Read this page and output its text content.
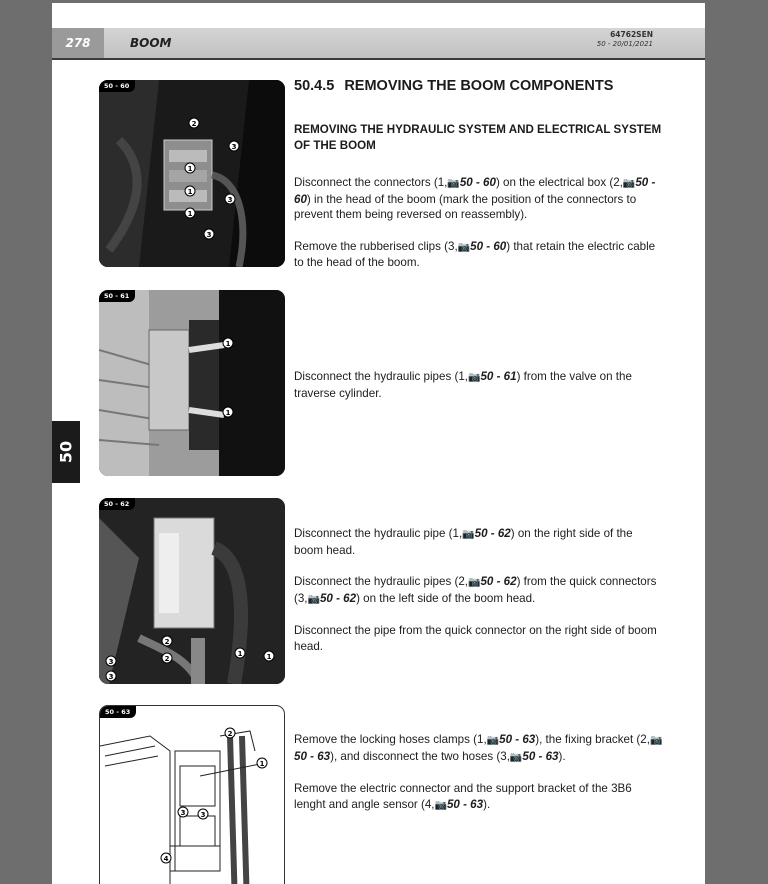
278	BOOM
64762SEN
50 - 20/01/2021
50
50.4.5 REMOVING THE BOOM COMPONENTS
REMOVING THE HYDRAULIC SYSTEM AND ELECTRICAL SYSTEM OF THE BOOM
50 - 60
2
3
1
1
3
1
3

Disconnect the connectors (1,📷50 - 60) on the electrical box (2,📷50 - 60) in the head of the boom (mark the position of the connectors to prevent them being reversed on reassembly).

Remove the rubberised clips (3,📷50 - 60) that retain the electric cable to the head of the boom.

50 - 61
1
1

Disconnect the hydraulic pipes (1,📷50 - 61) from the valve on the traverse cylinder.

50 - 62
2
2
3
3
1	1

Disconnect the hydraulic pipe (1,📷50 - 62) on the right side of the boom head.

Disconnect the hydraulic pipes (2,📷50 - 62) from the quick connectors (3,📷50 - 62) on the left side of the boom head.

Disconnect the pipe from the quick connector on the right side of boom head.

50 - 63
2
1
3 3
4

Remove the locking hoses clamps (1,📷50 - 63), the fixing bracket (2,📷50 - 63), and disconnect the two hoses (3,📷50 - 63).

Remove the electric connector and the support bracket of the 3B6 lenght and angle sensor (4,📷50 - 63).
